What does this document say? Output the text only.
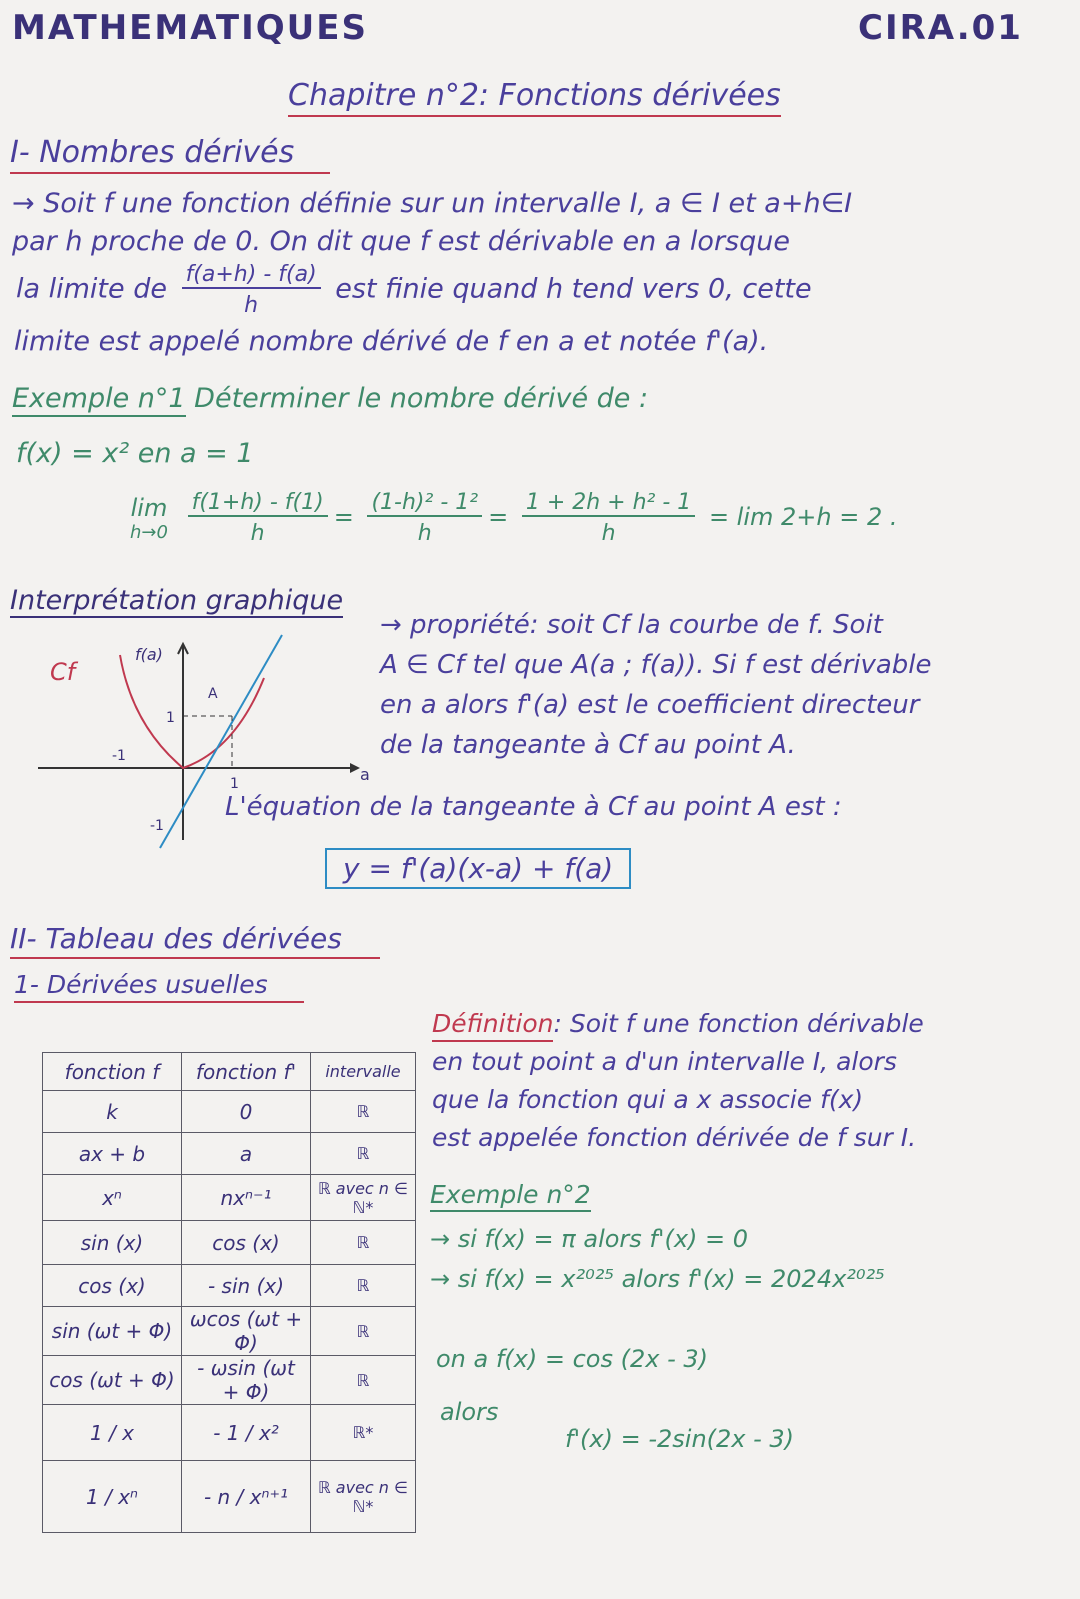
MATHEMATIQUES	CIRA.01
Chapitre n°2: Fonctions dérivées
I- Nombres dérivés
→ Soit f une fonction définie sur un intervalle I, a ∈ I et a+h∈I
par h proche de 0. On dit que f est dérivable en a lorsque
la limite de $\frac{f(a+h) - f(a)}{h}$ est finie quand h tend vers 0, cette
limite est appelé nombre dérivé de f en a et notée f'(a).
Exemple n°1 Déterminer le nombre dérivé de :
f(x) = x² en a = 1
lim
h→0
$\frac{f(1+h) - f(1)}{h} = \frac{\text{(1-h)² - 1²}}{h} = \frac{\text{1 + 2h + h² - 1}}{h} = \lim 2+h = 2$ .
Interprétation graphique
Cf
f(a)
a
A
1
1
-1
-1
→ propriété: soit Cf la courbe de f. Soit
A ∈ Cf tel que A(a ; f(a)). Si f est dérivable
en a alors f'(a) est le coefficient directeur
de la tangeante à Cf au point A.
L'équation de la tangeante à Cf au point A est :
y = f'(a)(x-a) + f(a)
II- Tableau des dérivées
1- Dérivées usuelles
fonction f	fonction f'	intervalle
k	0	ℝ
ax + b	a	ℝ
xⁿ	nxⁿ⁻¹	ℝ avec n ∈ ℕ*
sin (x)	cos (x)	ℝ
cos (x)	- sin (x)	ℝ
sin (ωt + Φ)	ωcos (ωt + Φ)	ℝ
cos (ωt + Φ)	- ωsin (ωt + Φ)	ℝ
1 / x	- 1 / x²	ℝ*
1 / xⁿ	- n / xⁿ⁺¹	ℝ avec n ∈ ℕ*
Définition: Soit f une fonction dérivable
en tout point a d'un intervalle I, alors
que la fonction qui a x associe f(x)
est appelée fonction dérivée de f sur I.
Exemple n°2
→ si f(x) = π alors f'(x) = 0
→ si f(x) = x²⁰²⁵ alors f'(x) = 2024x²⁰²⁵
on a f(x) = cos (2x - 3)
alors
f'(x) = -2sin(2x - 3)
